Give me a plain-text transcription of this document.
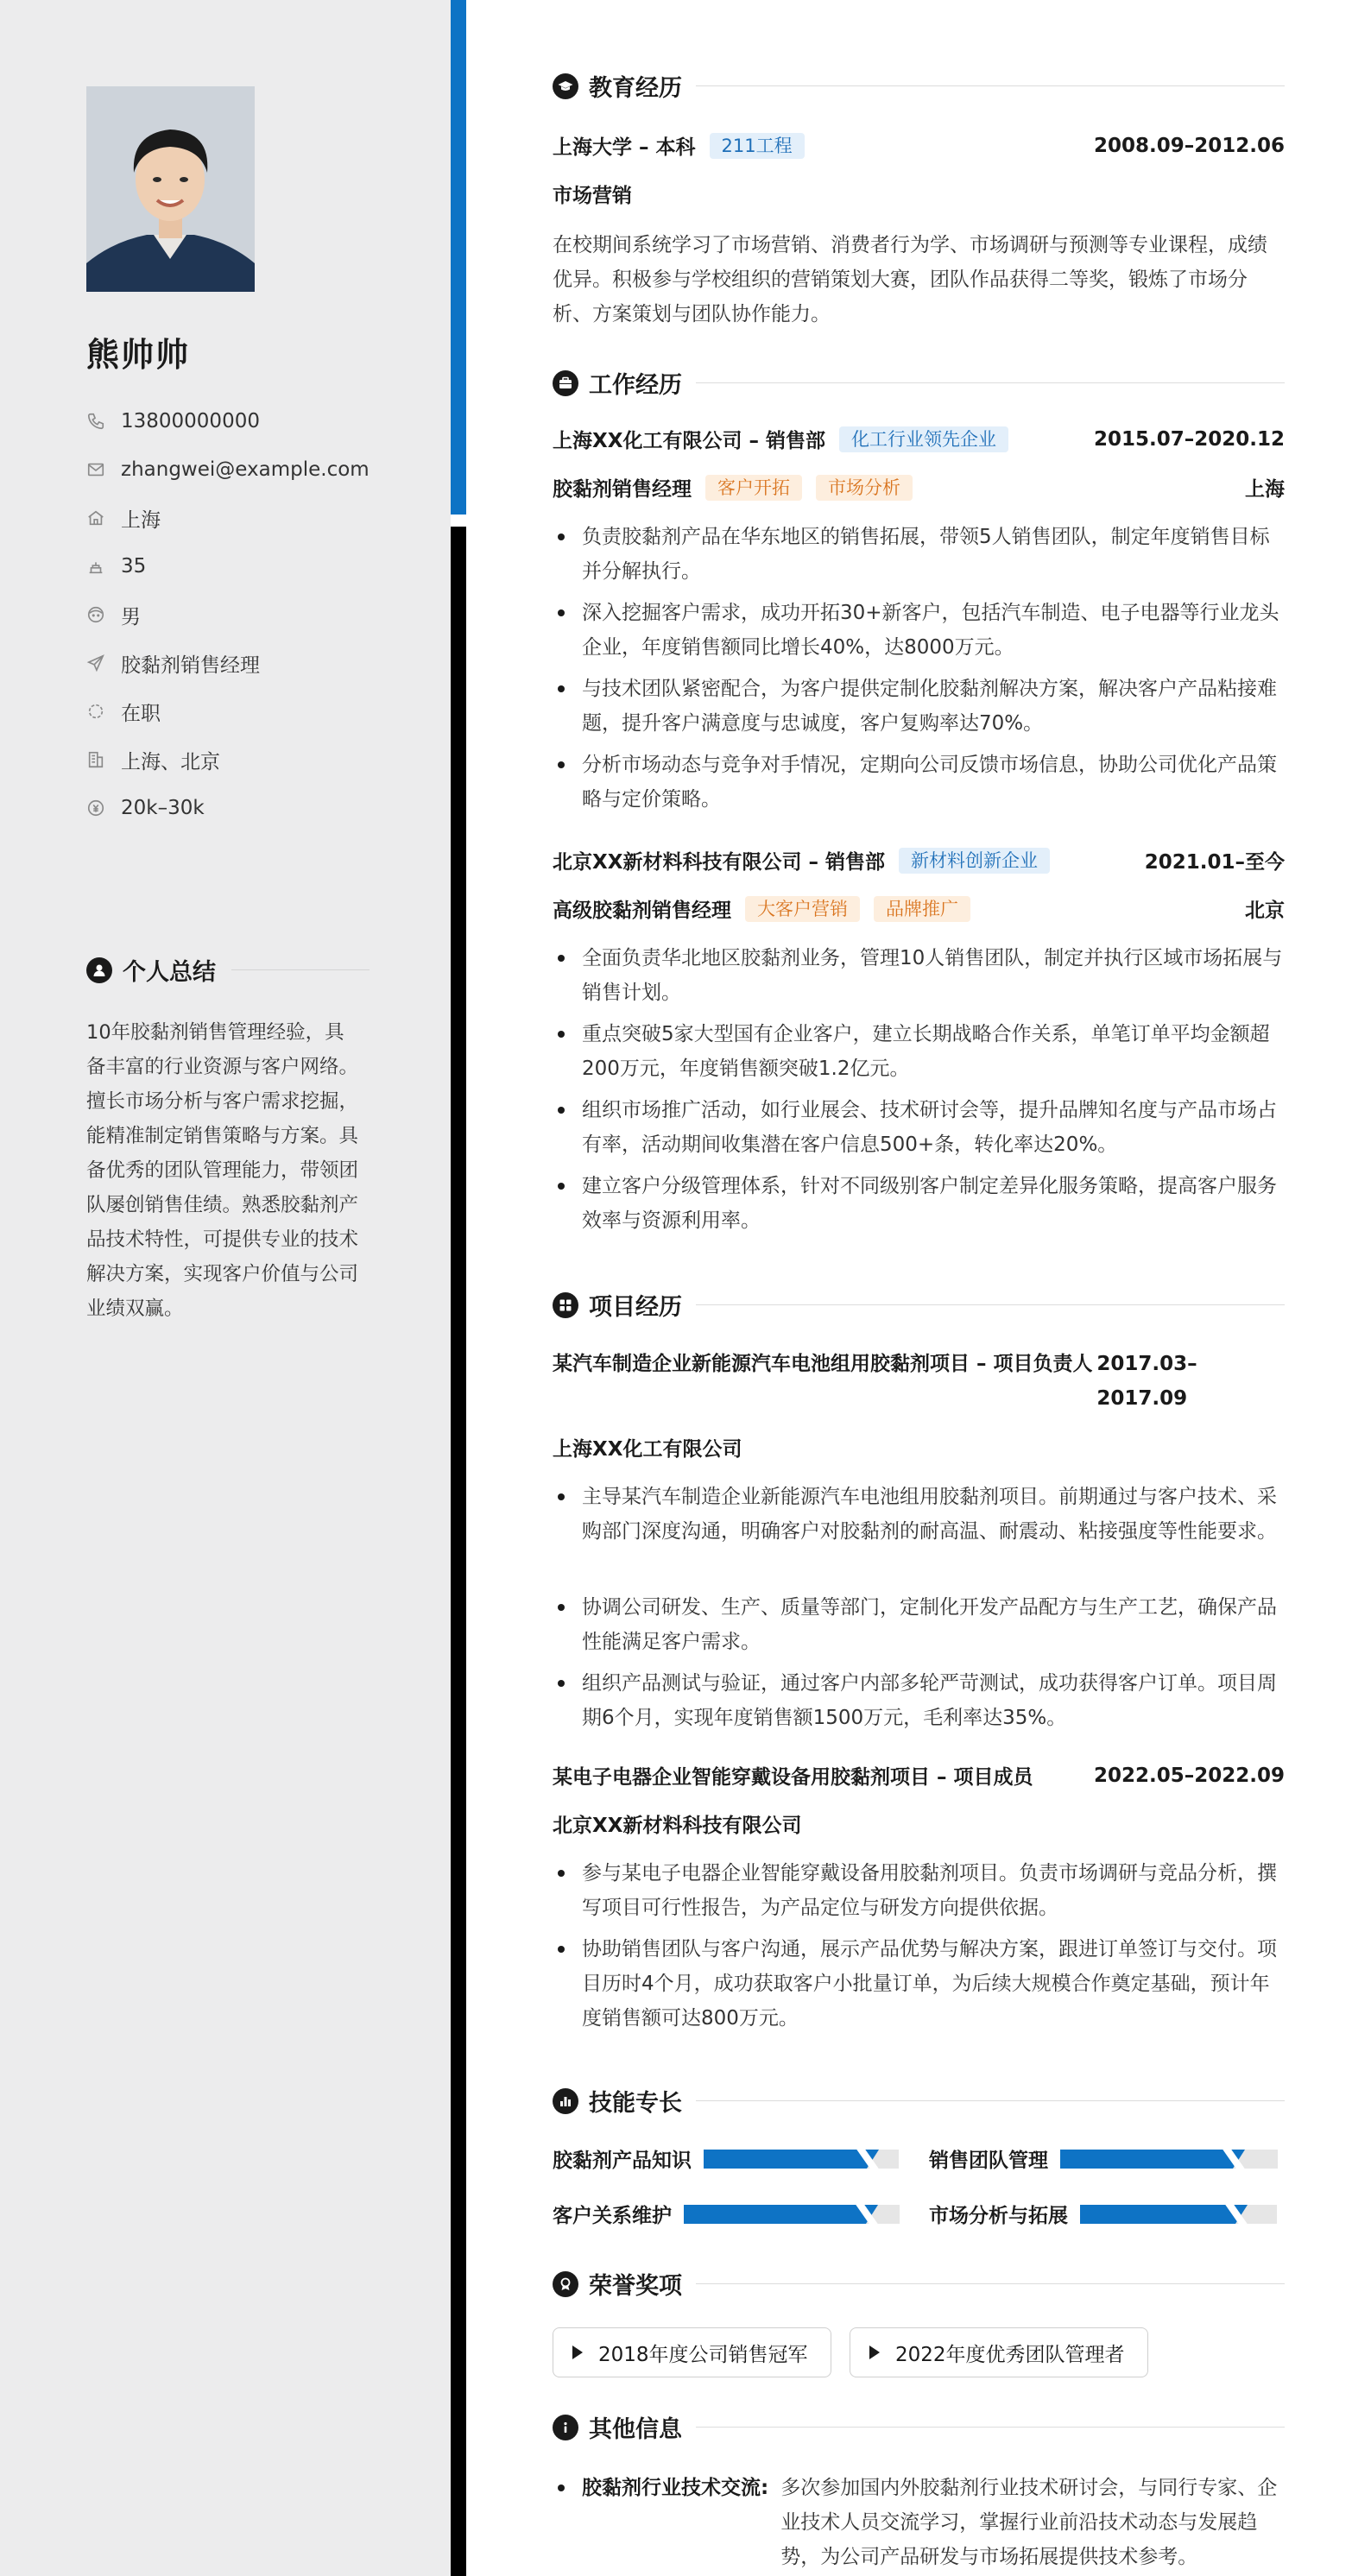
熊帅帅
13800000000
zhangwei@example.com
上海
35
男
胶黏剂销售经理
在职
上海、北京
20k–30k
个人总结
10年胶黏剂销售管理经验，具备丰富的行业资源与客户网络。擅长市场分析与客户需求挖掘，能精准制定销售策略与方案。具备优秀的团队管理能力，带领团队屡创销售佳绩。熟悉胶黏剂产品技术特性，可提供专业的技术解决方案，实现客户价值与公司业绩双赢。
教育经历
上海大学 – 本科	211工程	2008.09–2012.06
市场营销
在校期间系统学习了市场营销、消费者行为学、市场调研与预测等专业课程，成绩优异。积极参与学校组织的营销策划大赛，团队作品获得二等奖，锻炼了市场分析、方案策划与团队协作能力。
工作经历
上海XX化工有限公司 – 销售部	化工行业领先企业	2015.07–2020.12
胶黏剂销售经理	客户开拓	市场分析	上海
负责胶黏剂产品在华东地区的销售拓展，带领5人销售团队，制定年度销售目标并分解执行。
深入挖掘客户需求，成功开拓30+新客户，包括汽车制造、电子电器等行业龙头企业，年度销售额同比增长40%，达8000万元。
与技术团队紧密配合，为客户提供定制化胶黏剂解决方案，解决客户产品粘接难题，提升客户满意度与忠诚度，客户复购率达70%。
分析市场动态与竞争对手情况，定期向公司反馈市场信息，协助公司优化产品策略与定价策略。
北京XX新材料科技有限公司 – 销售部	新材料创新企业	2021.01–至今
高级胶黏剂销售经理	大客户营销	品牌推广	北京
全面负责华北地区胶黏剂业务，管理10人销售团队，制定并执行区域市场拓展与销售计划。
重点突破5家大型国有企业客户，建立长期战略合作关系，单笔订单平均金额超200万元，年度销售额突破1.2亿元。
组织市场推广活动，如行业展会、技术研讨会等，提升品牌知名度与产品市场占有率，活动期间收集潜在客户信息500+条，转化率达20%。
建立客户分级管理体系，针对不同级别客户制定差异化服务策略，提高客户服务效率与资源利用率。
项目经历
某汽车制造企业新能源汽车电池组用胶黏剂项目 – 项目负责人 2017.03–2017.09
上海XX化工有限公司
主导某汽车制造企业新能源汽车电池组用胶黏剂项目。前期通过与客户技术、采购部门深度沟通，明确客户对胶黏剂的耐高温、耐震动、粘接强度等性能要求。
协调公司研发、生产、质量等部门，定制化开发产品配方与生产工艺，确保产品性能满足客户需求。
组织产品测试与验证，通过客户内部多轮严苛测试，成功获得客户订单。项目周期6个月，实现年度销售额1500万元，毛利率达35%。
某电子电器企业智能穿戴设备用胶黏剂项目 – 项目成员	2022.05–2022.09
北京XX新材料科技有限公司
参与某电子电器企业智能穿戴设备用胶黏剂项目。负责市场调研与竞品分析，撰写项目可行性报告，为产品定位与研发方向提供依据。
协助销售团队与客户沟通，展示产品优势与解决方案，跟进订单签订与交付。项目历时4个月，成功获取客户小批量订单，为后续大规模合作奠定基础，预计年度销售额可达800万元。
技能专长
胶黏剂产品知识	销售团队管理
客户关系维护	市场分析与拓展
荣誉奖项
2018年度公司销售冠军	2022年度优秀团队管理者
其他信息
胶黏剂行业技术交流: 多次参加国内外胶黏剂行业技术研讨会，与同行专家、企业技术人员交流学习，掌握行业前沿技术动态与发展趋势，为公司产品研发与市场拓展提供技术参考。
